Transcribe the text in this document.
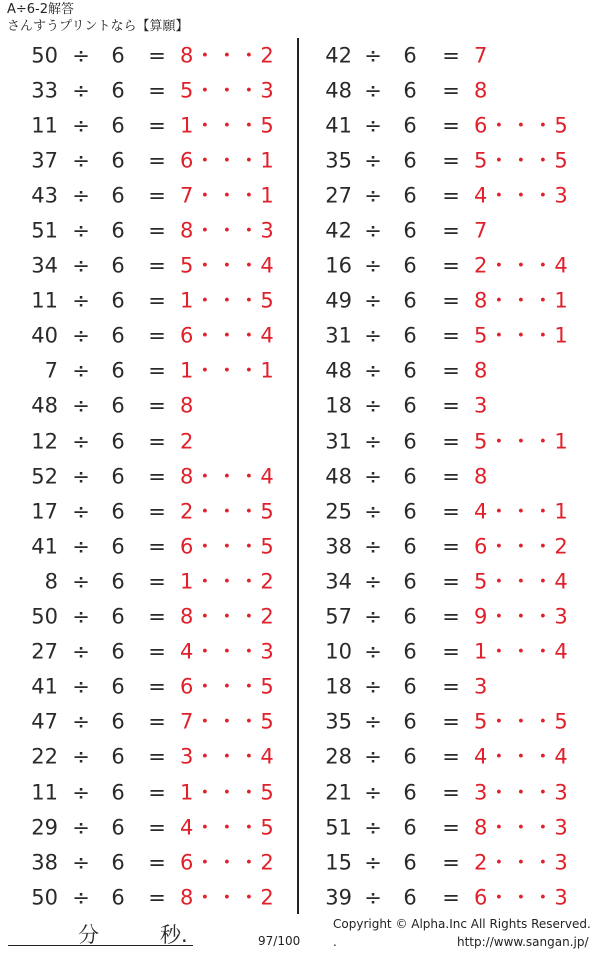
A÷6-2解答
さんすうプリントなら【算願】
50 ÷ 6 = 8・・・2
33 ÷ 6 = 5・・・3
11 ÷ 6 = 1・・・5
37 ÷ 6 = 6・・・1
43 ÷ 6 = 7・・・1
51 ÷ 6 = 8・・・3
34 ÷ 6 = 5・・・4
11 ÷ 6 = 1・・・5
40 ÷ 6 = 6・・・4
7 ÷ 6 = 1・・・1
48 ÷ 6 = 8
12 ÷ 6 = 2
52 ÷ 6 = 8・・・4
17 ÷ 6 = 2・・・5
41 ÷ 6 = 6・・・5
8 ÷ 6 = 1・・・2
50 ÷ 6 = 8・・・2
27 ÷ 6 = 4・・・3
41 ÷ 6 = 6・・・5
47 ÷ 6 = 7・・・5
22 ÷ 6 = 3・・・4
11 ÷ 6 = 1・・・5
29 ÷ 6 = 4・・・5
38 ÷ 6 = 6・・・2
50 ÷ 6 = 8・・・2
42 ÷ 6 = 7
48 ÷ 6 = 8
41 ÷ 6 = 6・・・5
35 ÷ 6 = 5・・・5
27 ÷ 6 = 4・・・3
42 ÷ 6 = 7
16 ÷ 6 = 2・・・4
49 ÷ 6 = 8・・・1
31 ÷ 6 = 5・・・1
48 ÷ 6 = 8
18 ÷ 6 = 3
31 ÷ 6 = 5・・・1
48 ÷ 6 = 8
25 ÷ 6 = 4・・・1
38 ÷ 6 = 6・・・2
34 ÷ 6 = 5・・・4
57 ÷ 6 = 9・・・3
10 ÷ 6 = 1・・・4
18 ÷ 6 = 3
35 ÷ 6 = 5・・・5
28 ÷ 6 = 4・・・4
21 ÷ 6 = 3・・・3
51 ÷ 6 = 8・・・3
15 ÷ 6 = 2・・・3
39 ÷ 6 = 6・・・3
分	秒.	97/100
Copyright © Alpha.Inc All Rights Reserved.
.	http://www.sangan.jp/
